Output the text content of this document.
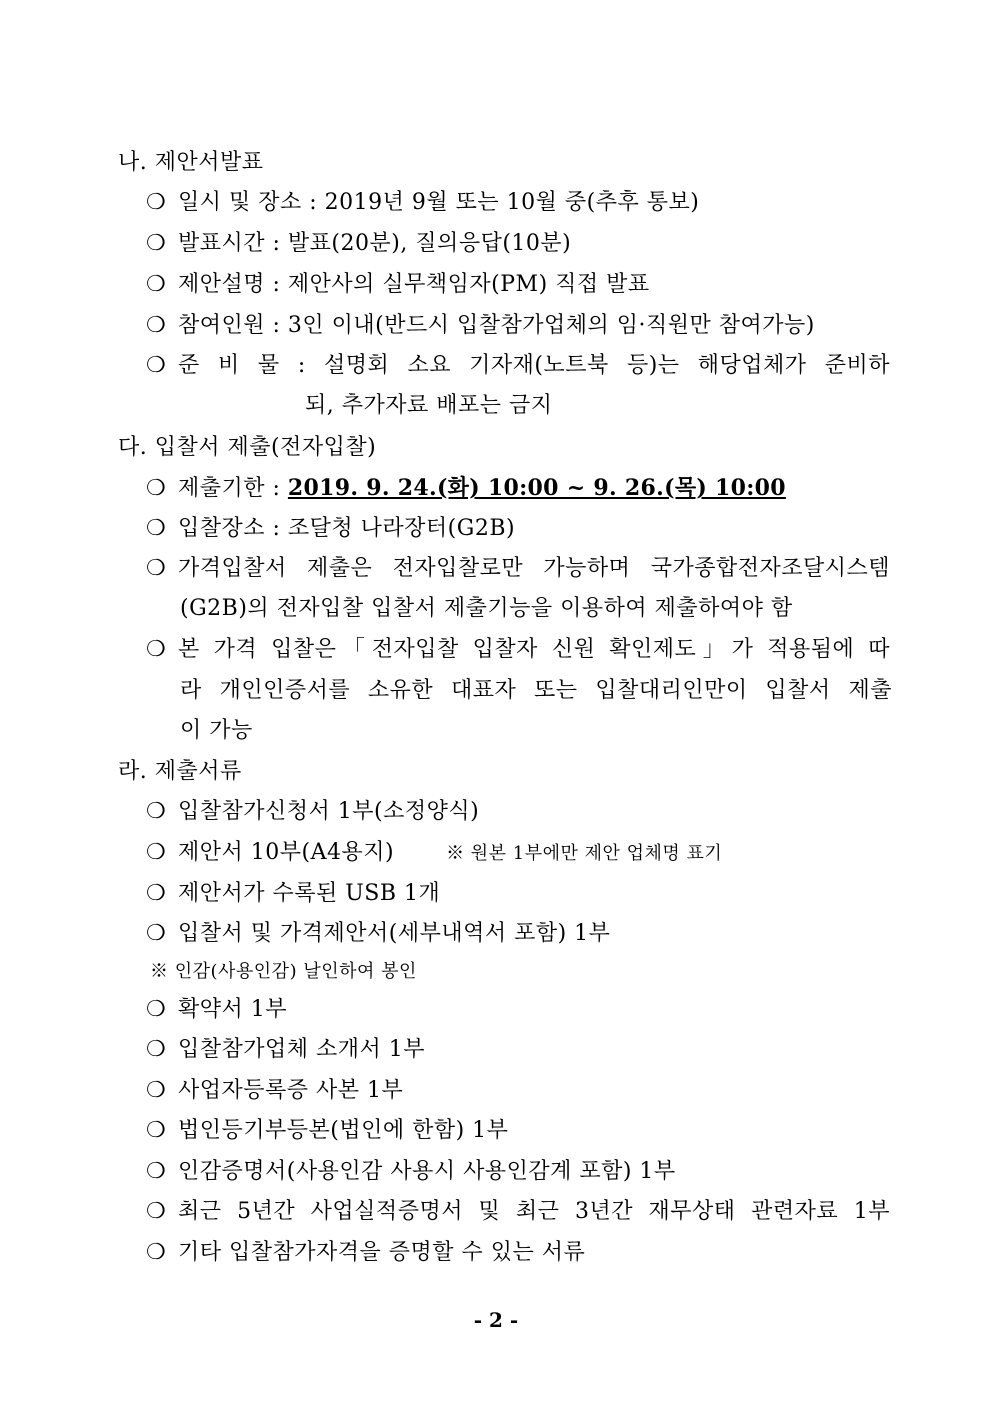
나. 제안서발표
❍ 일시 및 장소 : 2019년 9월 또는 10월 중(추후 통보)
❍ 발표시간 : 발표(20분), 질의응답(10분)
❍ 제안설명 : 제안사의 실무책임자(PM) 직접 발표
❍ 참여인원 : 3인 이내(반드시 입찰참가업체의 임·직원만 참여가능)
❍ 준 비 물 : 설명회 소요 기자재(노트북 등)는 해당업체가 준비하
되, 추가자료 배포는 금지
다. 입찰서 제출(전자입찰)
❍ 제출기한 : 2019. 9. 24.(화) 10:00 ~ 9. 26.(목) 10:00
❍ 입찰장소 : 조달청 나라장터(G2B)
❍ 가격입찰서 제출은 전자입찰로만 가능하며 국가종합전자조달시스템
(G2B)의 전자입찰 입찰서 제출기능을 이용하여 제출하여야 함
❍ 본 가격 입찰은「전자입찰 입찰자 신원 확인제도」가 적용됨에 따
라 개인인증서를 소유한 대표자 또는 입찰대리인만이 입찰서 제출
이 가능
라. 제출서류
❍ 입찰참가신청서 1부(소정양식)
❍ 제안서 10부(A4용지)	※ 원본 1부에만 제안 업체명 표기
❍ 제안서가 수록된 USB 1개
❍ 입찰서 및 가격제안서(세부내역서 포함) 1부
※ 인감(사용인감) 날인하여 봉인
❍ 확약서 1부
❍ 입찰참가업체 소개서 1부
❍ 사업자등록증 사본 1부
❍ 법인등기부등본(법인에 한함) 1부
❍ 인감증명서(사용인감 사용시 사용인감계 포함) 1부
❍ 최근 5년간 사업실적증명서 및 최근 3년간 재무상태 관련자료 1부
❍ 기타 입찰참가자격을 증명할 수 있는 서류
- 2 -
